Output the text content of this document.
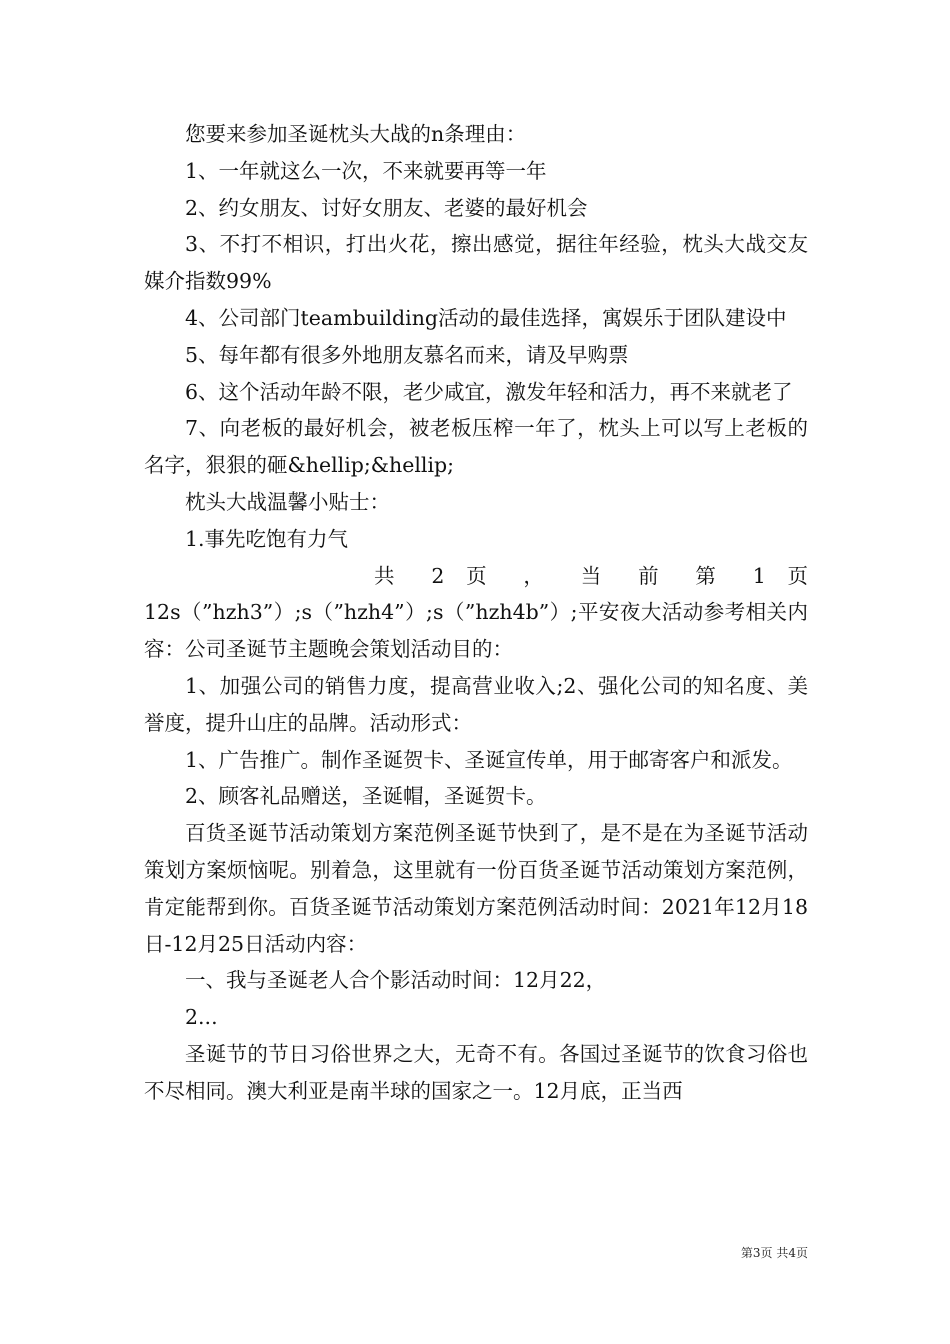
您要来参加圣诞枕头大战的n条理由：

1、一年就这么一次，不来就要再等一年

2、约女朋友、讨好女朋友、老婆的最好机会

3、不打不相识，打出火花，擦出感觉，据往年经验，枕头大战交友媒介指数99%

4、公司部门teambuilding活动的最佳选择，寓娱乐于团队建设中

5、每年都有很多外地朋友慕名而来，请及早购票

6、这个活动年龄不限，老少咸宜，激发年轻和活力，再不来就老了

7、向老板的最好机会，被老板压榨一年了，枕头上可以写上老板的名字，狠狠的砸&hellip;&hellip;

枕头大战温馨小贴士：

1.事先吃饱有力气

共 2 页 ， 当 前 第 1 页

12s（”hzh3”）;s（”hzh4”）;s（”hzh4b”）;平安夜大活动参考相关内容：公司圣诞节主题晚会策划活动目的：

1、加强公司的销售力度，提高营业收入;2、强化公司的知名度、美誉度，提升山庄的品牌。活动形式：

1、广告推广。制作圣诞贺卡、圣诞宣传单，用于邮寄客户和派发。

2、顾客礼品赠送，圣诞帽，圣诞贺卡。

百货圣诞节活动策划方案范例圣诞节快到了，是不是在为圣诞节活动策划方案烦恼呢。别着急，这里就有一份百货圣诞节活动策划方案范例，肯定能帮到你。百货圣诞节活动策划方案范例活动时间：2021年12月18日-12月25日活动内容：

一、我与圣诞老人合个影活动时间：12月22，

2...

圣诞节的节日习俗世界之大，无奇不有。各国过圣诞节的饮食习俗也不尽相同。澳大利亚是南半球的国家之一。12月底，正当西

第3页 共4页
